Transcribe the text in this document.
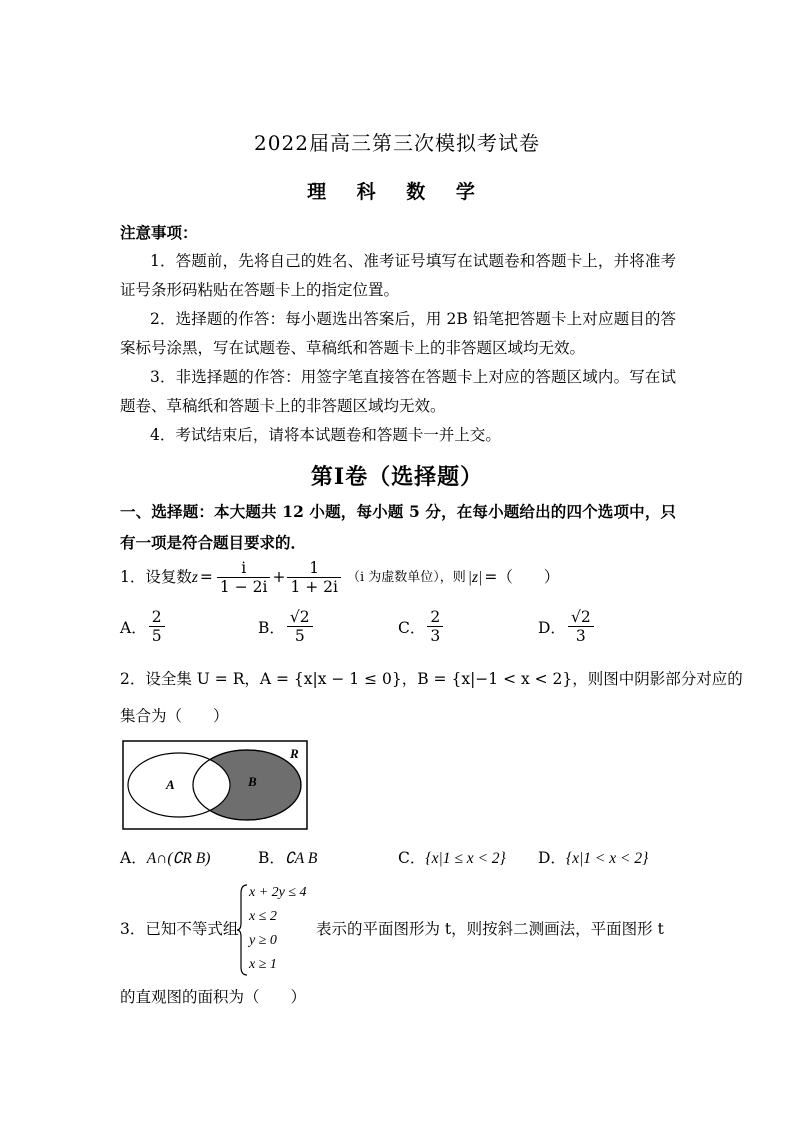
2022届高三第三次模拟考试卷
理 科 数 学
注意事项：
1．答题前，先将自己的姓名、准考证号填写在试题卷和答题卡上，并将准考证号条形码粘贴在答题卡上的指定位置。
2．选择题的作答：每小题选出答案后，用 2B 铅笔把答题卡上对应题目的答案标号涂黑，写在试题卷、草稿纸和答题卡上的非答题区域均无效。
3．非选择题的作答：用签字笔直接答在答题卡上对应的答题区域内。写在试题卷、草稿纸和答题卡上的非答题区域均无效。
4．考试结束后，请将本试题卷和答题卡一并上交。
第Ⅰ卷（选择题）
一、选择题：本大题共 12 小题，每小题 5 分，在每小题给出的四个选项中，只有一项是符合题目要求的．
1．设复数 $z = \frac{i}{1 - 2i} + \frac{1}{1 + 2i} (i$ 为虚数单位），则 |z| =（　　）
A． $\frac{2}{5}$	B． $\frac{√2}{5}$	C． $\frac{2}{3}$	D． $\frac{√2}{3}$
2．设全集 U = R，A = {x|x − 1 ≤ 0}，B = {x|−1 < x < 2}，则图中阴影部分对应的
集合为（　　）
A	B
R
A．A∩(∁R B)	B．∁A B	C．{x|1 ≤ x < 2} D．{x|1 < x < 2}
3．已知不等式组
x + 2y ≤ 4
x ≤ 2
y ≥ 0
x ≥ 1
表示的平面图形为 t，则按斜二测画法，平面图形 t
的直观图的面积为（　　）
